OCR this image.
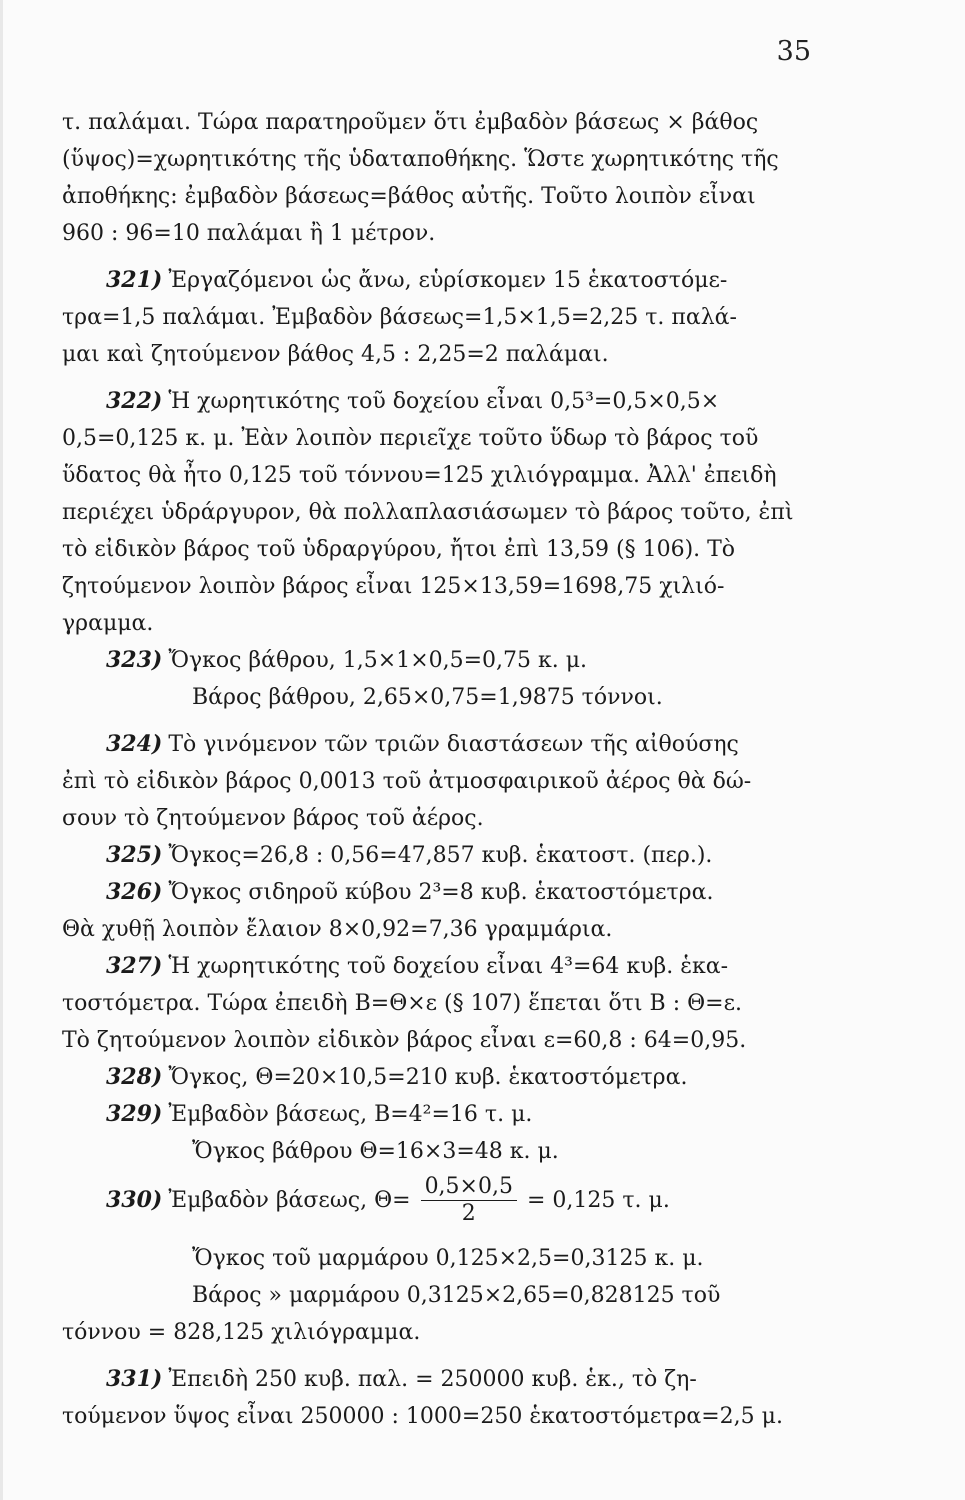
35
τ. παλάμαι. Τώρα παρατηροῦμεν ὅτι ἐμβαδὸν βάσεως × βάθος
(ὕψος)=χωρητικότης τῆς ὑδαταποθήκης. Ὥστε χωρητικότης τῆς
ἀποθήκης: ἐμβαδὸν βάσεως=βάθος αὐτῆς. Τοῦτο λοιπὸν εἶναι
960 : 96=10 παλάμαι ἢ 1 μέτρον.
321) Ἐργαζόμενοι ὡς ἄνω, εὑρίσκομεν 15 ἑκατοστόμε-
τρα=1,5 παλάμαι. Ἐμβαδὸν βάσεως=1,5×1,5=2,25 τ. παλά-
μαι καὶ ζητούμενον βάθος 4,5 : 2,25=2 παλάμαι.
322) Ἡ χωρητικότης τοῦ δοχείου εἶναι 0,5³=0,5×0,5×
0,5=0,125 κ. μ. Ἐὰν λοιπὸν περιεῖχε τοῦτο ὕδωρ τὸ βάρος τοῦ
ὕδατος θὰ ἦτο 0,125 τοῦ τόννου=125 χιλιόγραμμα. Ἀλλ' ἐπειδὴ
περιέχει ὑδράργυρον, θὰ πολλαπλασιάσωμεν τὸ βάρος τοῦτο, ἐπὶ
τὸ εἰδικὸν βάρος τοῦ ὑδραργύρου, ἤτοι ἐπὶ 13,59 (§ 106). Τὸ
ζητούμενον λοιπὸν βάρος εἶναι 125×13,59=1698,75 χιλιό-
γραμμα.
323) Ὄγκος βάθρου, 1,5×1×0,5=0,75 κ. μ.
Βάρος βάθρου, 2,65×0,75=1,9875 τόννοι.
324) Τὸ γινόμενον τῶν τριῶν διαστάσεων τῆς αἰθούσης
ἐπὶ τὸ εἰδικὸν βάρος 0,0013 τοῦ ἀτμοσφαιρικοῦ ἀέρος θὰ δώ-
σουν τὸ ζητούμενον βάρος τοῦ ἀέρος.
325) Ὄγκος=26,8 : 0,56=47,857 κυβ. ἑκατοστ. (περ.).
326) Ὄγκος σιδηροῦ κύβου 2³=8 κυβ. ἑκατοστόμετρα.
Θὰ χυθῇ λοιπὸν ἔλαιον 8×0,92=7,36 γραμμάρια.
327) Ἡ χωρητικότης τοῦ δοχείου εἶναι 4³=64 κυβ. ἑκα-
τοστόμετρα. Τώρα ἐπειδὴ Β=Θ×ε (§ 107) ἕπεται ὅτι Β : Θ=ε.
Τὸ ζητούμενον λοιπὸν εἰδικὸν βάρος εἶναι ε=60,8 : 64=0,95.
328) Ὄγκος, Θ=20×10,5=210 κυβ. ἑκατοστόμετρα.
329) Ἐμβαδὸν βάσεως, Β=4²=16 τ. μ.
Ὄγκος βάθρου Θ=16×3=48 κ. μ.
330) Ἐμβαδὸν βάσεως, $\Theta= \frac{0,5\times 0,5}{2} = 0,125$ τ. μ.
Ὄγκος τοῦ μαρμάρου 0,125×2,5=0,3125 κ. μ.
Βάρος » μαρμάρου 0,3125×2,65=0,828125 τοῦ
τόννου = 828,125 χιλιόγραμμα.
331) Ἐπειδὴ 250 κυβ. παλ. = 250000 κυβ. ἑκ., τὸ ζη-
τούμενον ὕψος εἶναι 250000 : 1000=250 ἑκατοστόμετρα=2,5 μ.
